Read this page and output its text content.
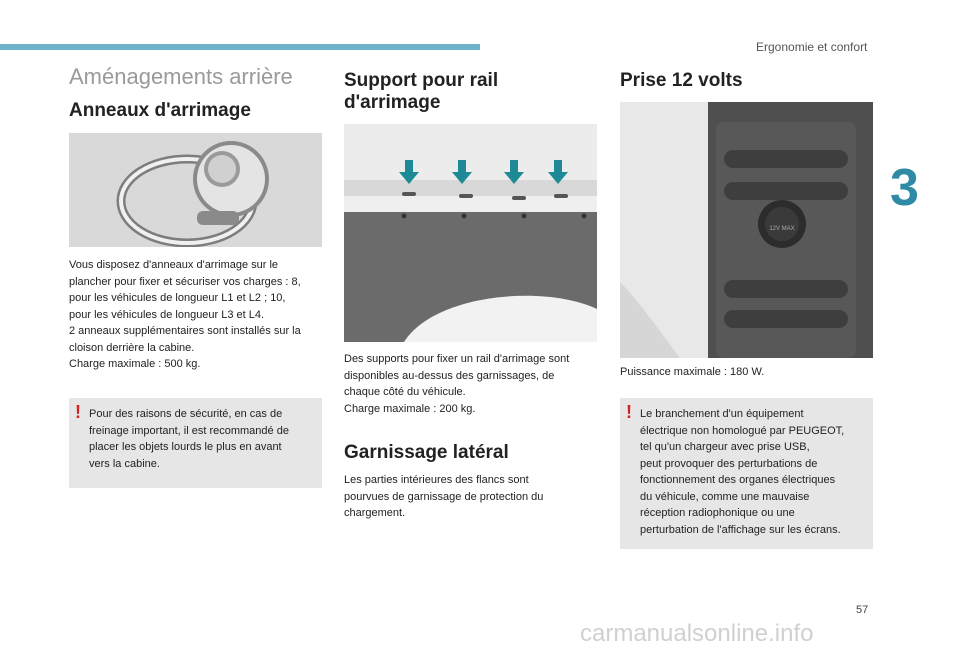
Ergonomie et confort
3
Aménagements arrière
Anneaux d'arrimage

Vous disposez d'anneaux d'arrimage sur le

plancher pour fixer et sécuriser vos charges : 8,

pour les véhicules de longueur L1 et L2 ; 10,

pour les véhicules de longueur L3 et L4.

2 anneaux supplémentaires sont installés sur la

cloison derrière la cabine.

Charge maximale : 500 kg.

! Pour des raisons de sécurité, en cas de

freinage important, il est recommandé de

placer les objets lourds le plus en avant

vers la cabine.

Support pour rail
d'arrimage

Des supports pour fixer un rail d'arrimage sont

disponibles au-dessus des garnissages, de

chaque côté du véhicule.

Charge maximale : 200 kg.

Garnissage latéral

Les parties intérieures des flancs sont

pourvues de garnissage de protection du

chargement.

Prise 12 volts
12V MAX
Puissance maximale : 180 W.
! Le branchement d'un équipement

électrique non homologué par PEUGEOT,

tel qu'un chargeur avec prise USB,

peut provoquer des perturbations de

fonctionnement des organes électriques

du véhicule, comme une mauvaise

réception radiophonique ou une

perturbation de l'affichage sur les écrans.

57
carmanualsonline.info
